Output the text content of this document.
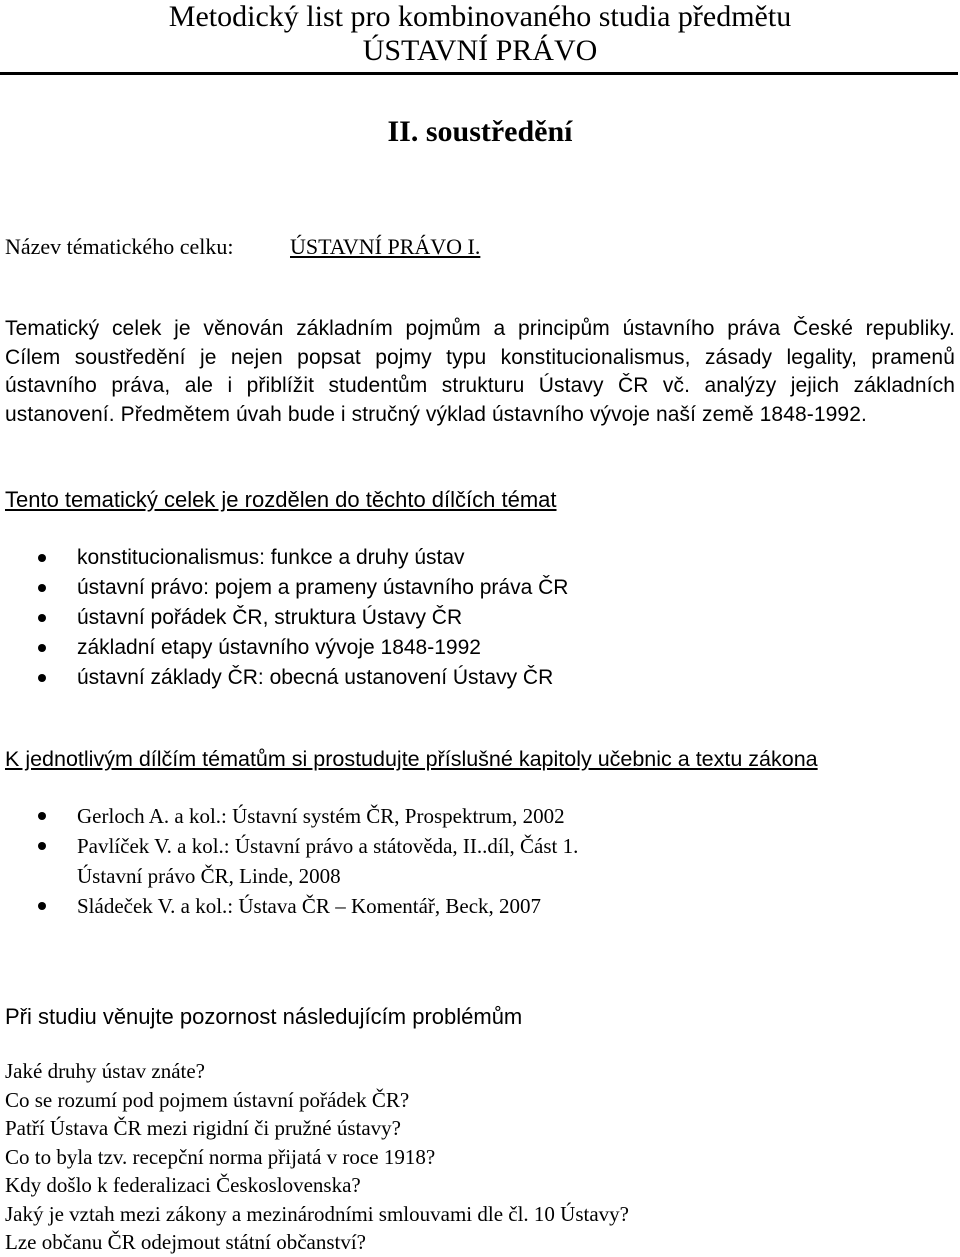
Metodický list pro kombinovaného studia předmětu
ÚSTAVNÍ PRÁVO
II. soustředění
Název tématického celku:	ÚSTAVNÍ PRÁVO I.
Tematický celek je věnován základním pojmům a principům ústavního práva České republiky.
Cílem soustředění je nejen popsat pojmy typu konstitucionalismus, zásady legality, pramenů
ústavního práva, ale i přiblížit studentům strukturu Ústavy ČR vč. analýzy jejich základních
ustanovení. Předmětem úvah bude i stručný výklad ústavního vývoje naší země 1848-1992.
Tento tematický celek je rozdělen do těchto dílčích témat
konstitucionalismus: funkce a druhy ústav
ústavní právo: pojem a prameny ústavního práva ČR
ústavní pořádek ČR, struktura Ústavy ČR
základní etapy ústavního vývoje 1848-1992
ústavní základy ČR: obecná ustanovení Ústavy ČR
K jednotlivým dílčím tématům si prostudujte příslušné kapitoly učebnic a textu zákona
Gerloch A. a kol.: Ústavní systém ČR, Prospektrum, 2002
Pavlíček V. a kol.: Ústavní právo a státověda, II..díl, Část 1.
Ústavní právo ČR, Linde, 2008
Sládeček V. a kol.: Ústava ČR – Komentář, Beck, 2007
Při studiu věnujte pozornost následujícím problémům
Jaké druhy ústav znáte?
Co se rozumí pod pojmem ústavní pořádek ČR?
Patří Ústava ČR mezi rigidní či pružné ústavy?
Co to byla tzv. recepční norma přijatá v roce 1918?
Kdy došlo k federalizaci Československa?
Jaký je vztah mezi zákony a mezinárodními smlouvami dle čl. 10 Ústavy?
Lze občanu ČR odejmout státní občanství?
